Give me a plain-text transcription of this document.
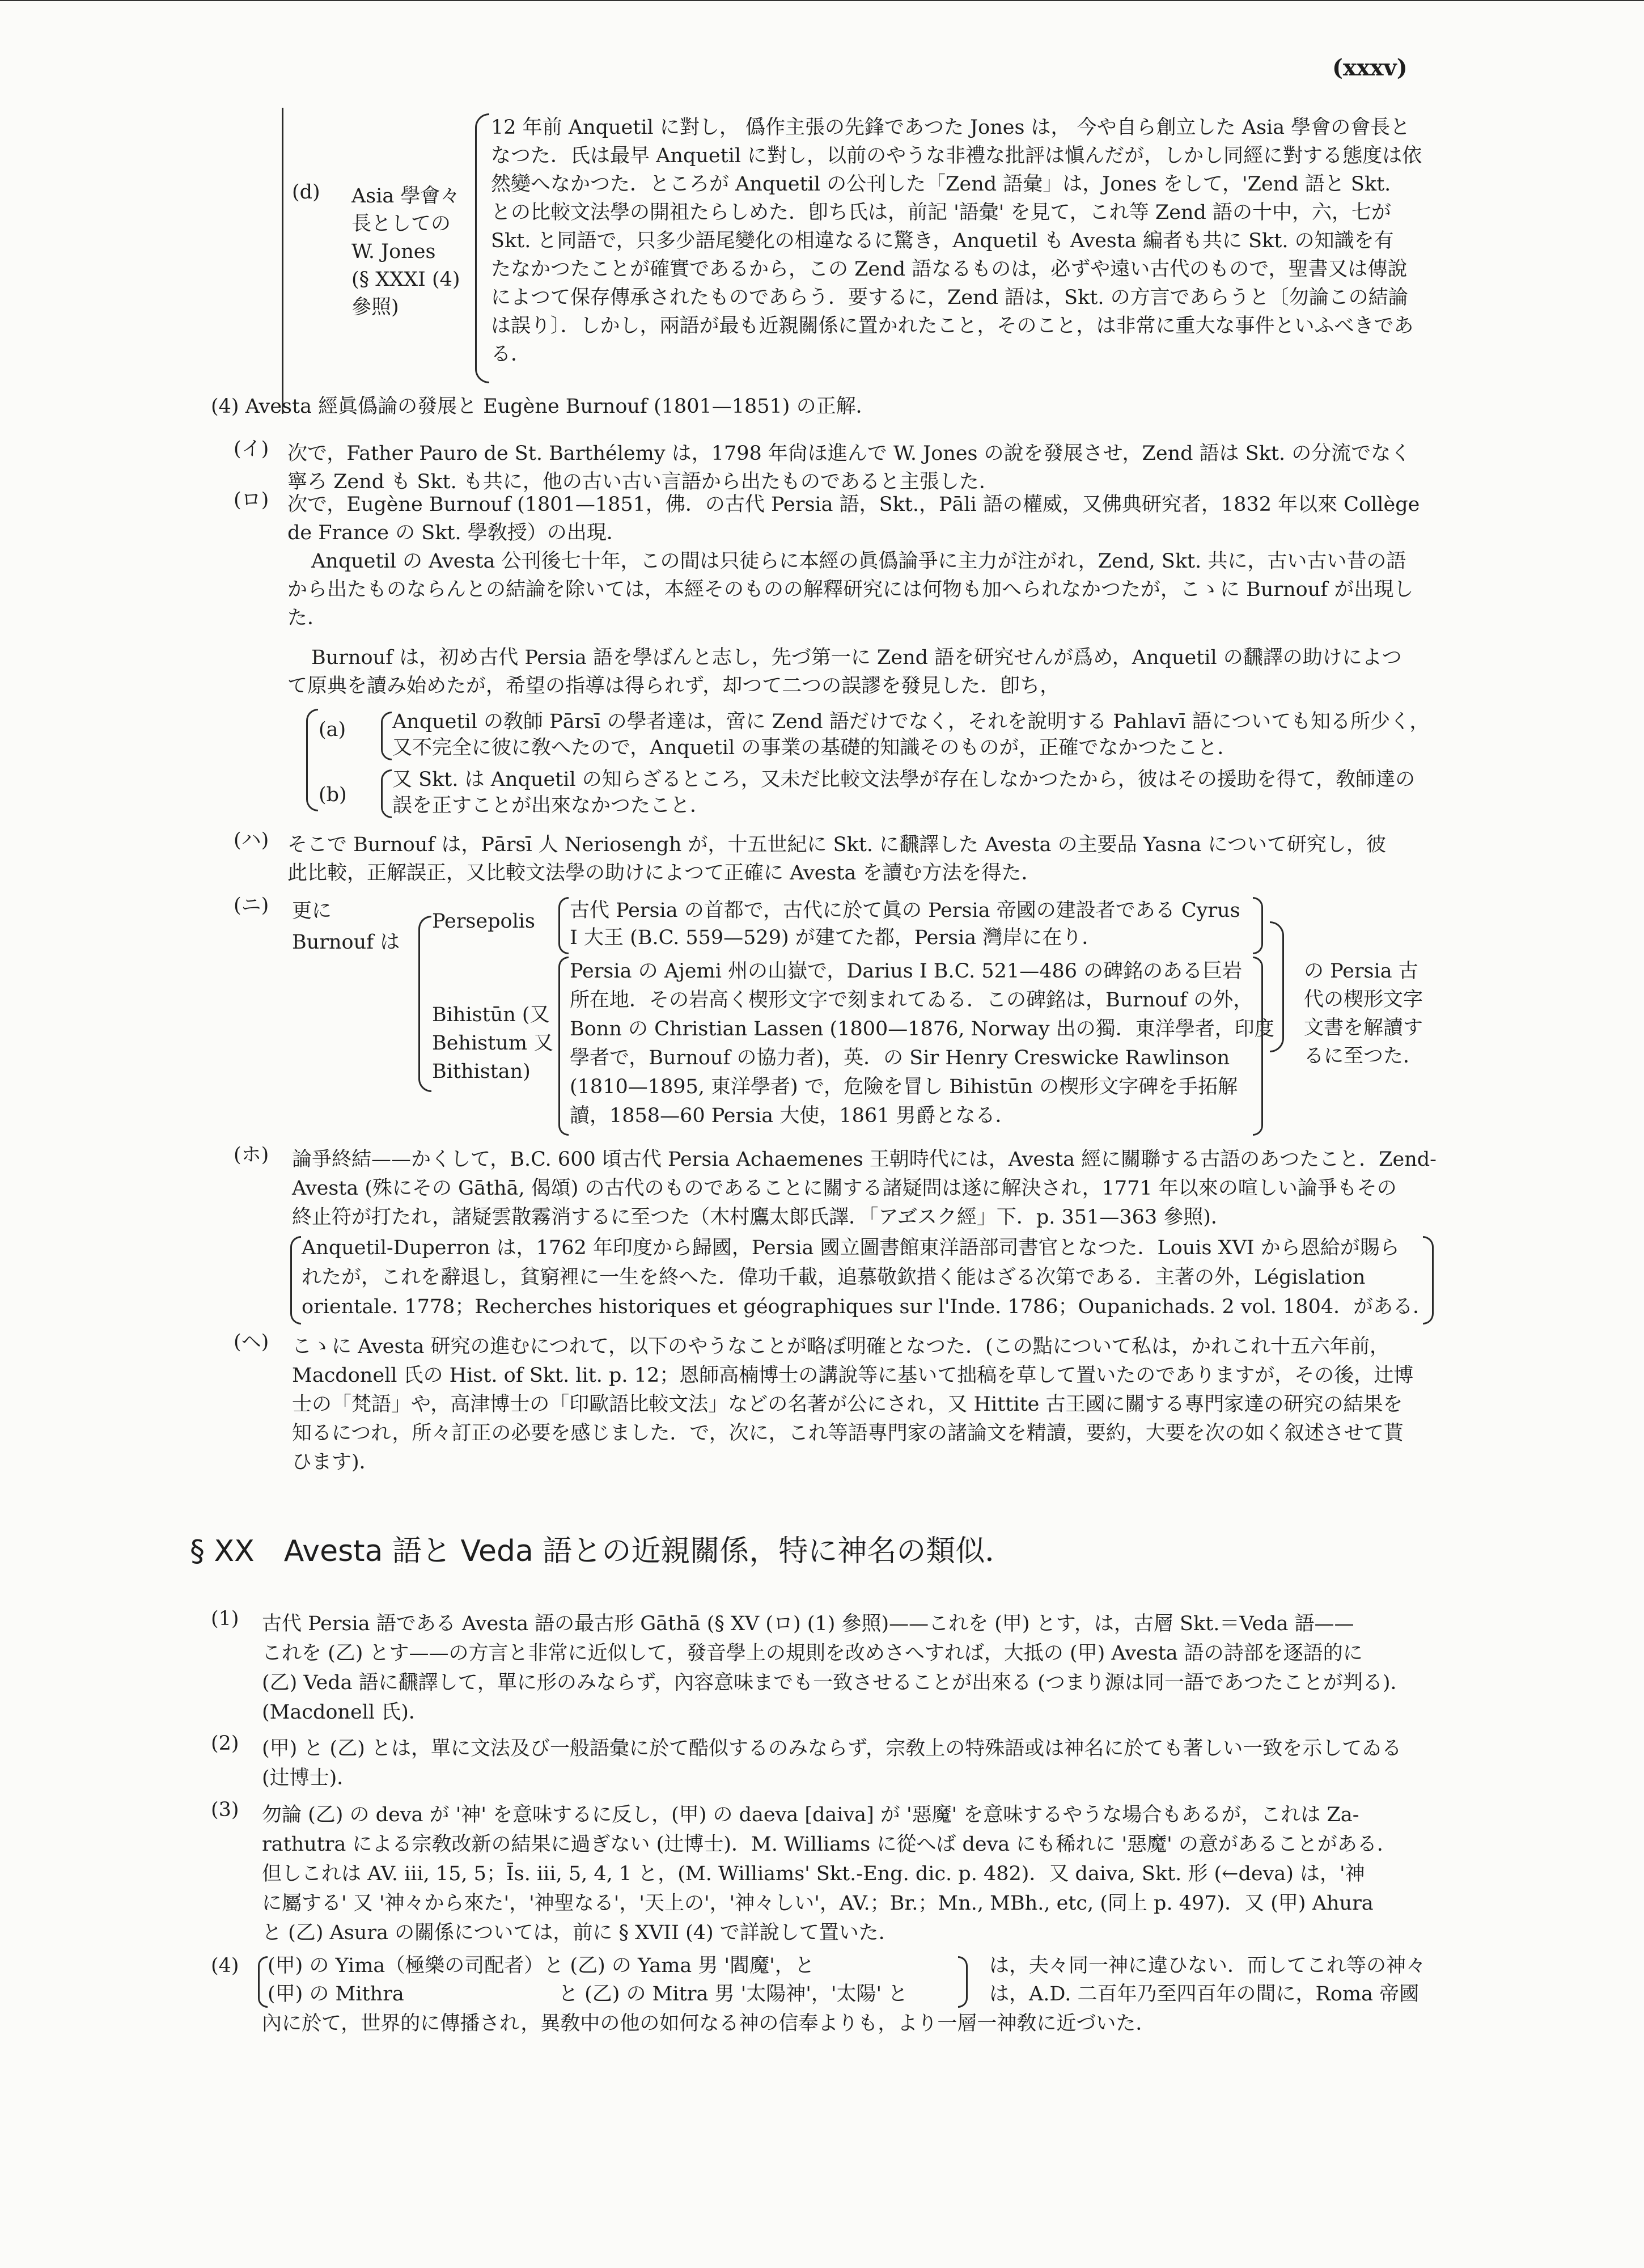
(xxxv)
(d) Asia 學會々
長としての
W. Jones
(§ XXXI (4)
參照)
12 年前 Anquetil に對し， 僞作主張の先鋒であつた Jones は， 今や自ら創立した Asia 學會の會長と
なつた．氏は最早 Anquetil に對し，以前のやうな非禮な批評は愼んだが，しかし同經に對する態度は依
然變へなかつた．ところが Anquetil の公刊した「Zend 語彙」は，Jones をして，'Zend 語と Skt.
との比較文法學の開祖たらしめた．卽ち氏は，前記 '語彙' を見て，これ等 Zend 語の十中，六，七が
Skt. と同語で，只多少語尾變化の相違なるに驚き，Anquetil も Avesta 編者も共に Skt. の知識を有
たなかつたことが確實であるから，この Zend 語なるものは，必ずや遠い古代のもので，聖書又は傳說
によつて保存傳承されたものであらう．要するに，Zend 語は，Skt. の方言であらうと〔勿論この結論
は誤り〕．しかし，兩語が最も近親關係に置かれたこと，そのこと，は非常に重大な事件といふべきであ
る．
(4) Avesta 經眞僞論の發展と Eugène Burnouf (1801—1851) の正解．
(イ) 次で，Father Pauro de St. Barthélemy は，1798 年尙ほ進んで W. Jones の說を發展させ，Zend 語は Skt. の分流でなく
寧ろ Zend も Skt. も共に，他の古い古い言語から出たものであると主張した．
(ロ) 次で，Eugène Burnouf (1801—1851，佛．の古代 Persia 語，Skt.，Pāli 語の權威，又佛典研究者，1832 年以來 Collège
de France の Skt. 學敎授）の出現．
Anquetil の Avesta 公刊後七十年，この間は只徒らに本經の眞僞論爭に主力が注がれ，Zend, Skt. 共に，古い古い昔の語
から出たものならんとの結論を除いては，本經そのものの解釋研究には何物も加へられなかつたが，こゝに Burnouf が出現し
た．
Burnouf は，初め古代 Persia 語を學ばんと志し，先づ第一に Zend 語を研究せんが爲め，Anquetil の飜譯の助けによつ
て原典を讀み始めたが，希望の指導は得られず，却つて二つの誤謬を發見した．卽ち，
(a) Anquetil の敎師 Pārsī の學者達は，啻に Zend 語だけでなく，それを說明する Pahlavī 語についても知る所少く，
又不完全に彼に敎へたので，Anquetil の事業の基礎的知識そのものが，正確でなかつたこと．
(b)
又 Skt. は Anquetil の知らざるところ，又未だ比較文法學が存在しなかつたから，彼はその援助を得て，敎師達の
誤を正すことが出來なかつたこと．
(ハ) そこで Burnouf は，Pārsī 人 Neriosengh が，十五世紀に Skt. に飜譯した Avesta の主要品 Yasna について研究し，彼
此比較，正解誤正，又比較文法學の助けによつて正確に Avesta を讀む方法を得た．
(ニ) 更に
Burnouf は
Persepolis 古代 Persia の首都で，古代に於て眞の Persia 帝國の建設者である Cyrus
I 大王 (B.C. 559—529) が建てた都，Persia 灣岸に在り．
Bihistūn (又
Behistum 又
Bithistan)
Persia の Ajemi 州の山嶽で，Darius I B.C. 521—486 の碑銘のある巨岩
所在地．その岩高く楔形文字で刻まれてゐる．この碑銘は，Burnouf の外，
Bonn の Christian Lassen (1800—1876, Norway 出の獨．東洋學者，印度
學者で，Burnouf の協力者)，英．の Sir Henry Creswicke Rawlinson
(1810—1895, 東洋學者) で，危險を冒し Bihistūn の楔形文字碑を手拓解
讀，1858—60 Persia 大使，1861 男爵となる．
の Persia 古
代の楔形文字
文書を解讀す
るに至つた．
(ホ) 論爭終結——かくして，B.C. 600 頃古代 Persia Achaemenes 王朝時代には，Avesta 經に關聯する古語のあつたこと．Zend-
Avesta (殊にその Gāthā, 偈頌) の古代のものであることに關する諸疑問は遂に解決され，1771 年以來の喧しい論爭もその
終止符が打たれ，諸疑雲散霧消するに至つた（木村鷹太郞氏譯．「アヹスク經」下．p. 351—363 參照)．
Anquetil-Duperron は，1762 年印度から歸國，Persia 國立圖書館東洋語部司書官となつた．Louis XVI から恩給が賜ら
れたが，これを辭退し，貧窮裡に一生を終へた．偉功千載，追慕敬欽措く能はざる次第である．主著の外，Législation
orientale. 1778；Recherches historiques et géographiques sur l'Inde. 1786；Oupanichads. 2 vol. 1804．がある．
(ヘ) こゝに Avesta 研究の進むにつれて，以下のやうなことが略ぼ明確となつた．(この點について私は，かれこれ十五六年前，
Macdonell 氏の Hist. of Skt. lit. p. 12；恩師高楠博士の講說等に基いて拙稿を草して置いたのでありますが，その後，辻博
士の「梵語」や，高津博士の「印歐語比較文法」などの名著が公にされ，又 Hittite 古王國に關する專門家達の研究の結果を
知るにつれ，所々訂正の必要を感じました．で，次に，これ等語專門家の諸論文を精讀，要約，大要を次の如く叙述させて貰
ひます)．
§ XX　Avesta 語と Veda 語との近親關係，特に神名の類似．
(1) 古代 Persia 語である Avesta 語の最古形 Gāthā (§ XV (ロ) (1) 參照)——これを (甲) とす，は，古層 Skt.＝Veda 語——
これを (乙) とす——の方言と非常に近似して，發音學上の規則を改めさへすれば，大抵の (甲) Avesta 語の詩部を逐語的に
(乙) Veda 語に飜譯して，單に形のみならず，內容意味までも一致させることが出來る (つまり源は同一語であつたことが判る)．
(Macdonell 氏)．
(2) (甲) と (乙) とは，單に文法及び一般語彙に於て酷似するのみならず，宗敎上の特殊語或は神名に於ても著しい一致を示してゐる
(辻博士)．
(3) 勿論 (乙) の deva が '神' を意味するに反し，(甲) の daeva [daiva] が '惡魔' を意味するやうな場合もあるが，これは Za-
rathutra による宗敎改新の結果に過ぎない (辻博士)．M. Williams に從へば deva にも稀れに '惡魔' の意があることがある．
但しこれは AV. iii, 15, 5；Īs. iii, 5, 4, 1 と，(M. Williams' Skt.-Eng. dic. p. 482)．又 daiva, Skt. 形 (←deva) は，'神
に屬する' 又 '神々から來た'，'神聖なる'，'天上の'，'神々しい'，AV.；Br.；Mn., MBh., etc, (同上 p. 497)．又 (甲) Ahura
と (乙) Asura の關係については，前に § XVII (4) で詳說して置いた．
(4) (甲) の Yima（極樂の司配者）と (乙) の Yama 男 '閻魔'，と
(甲) の Mithra	と (乙) の Mitra 男 '太陽神'，'太陽' と
は，夫々同一神に違ひない．而してこれ等の神々
は，A.D. 二百年乃至四百年の間に，Roma 帝國
內に於て，世界的に傳播され，異敎中の他の如何なる神の信奉よりも，より一層一神敎に近づいた．
